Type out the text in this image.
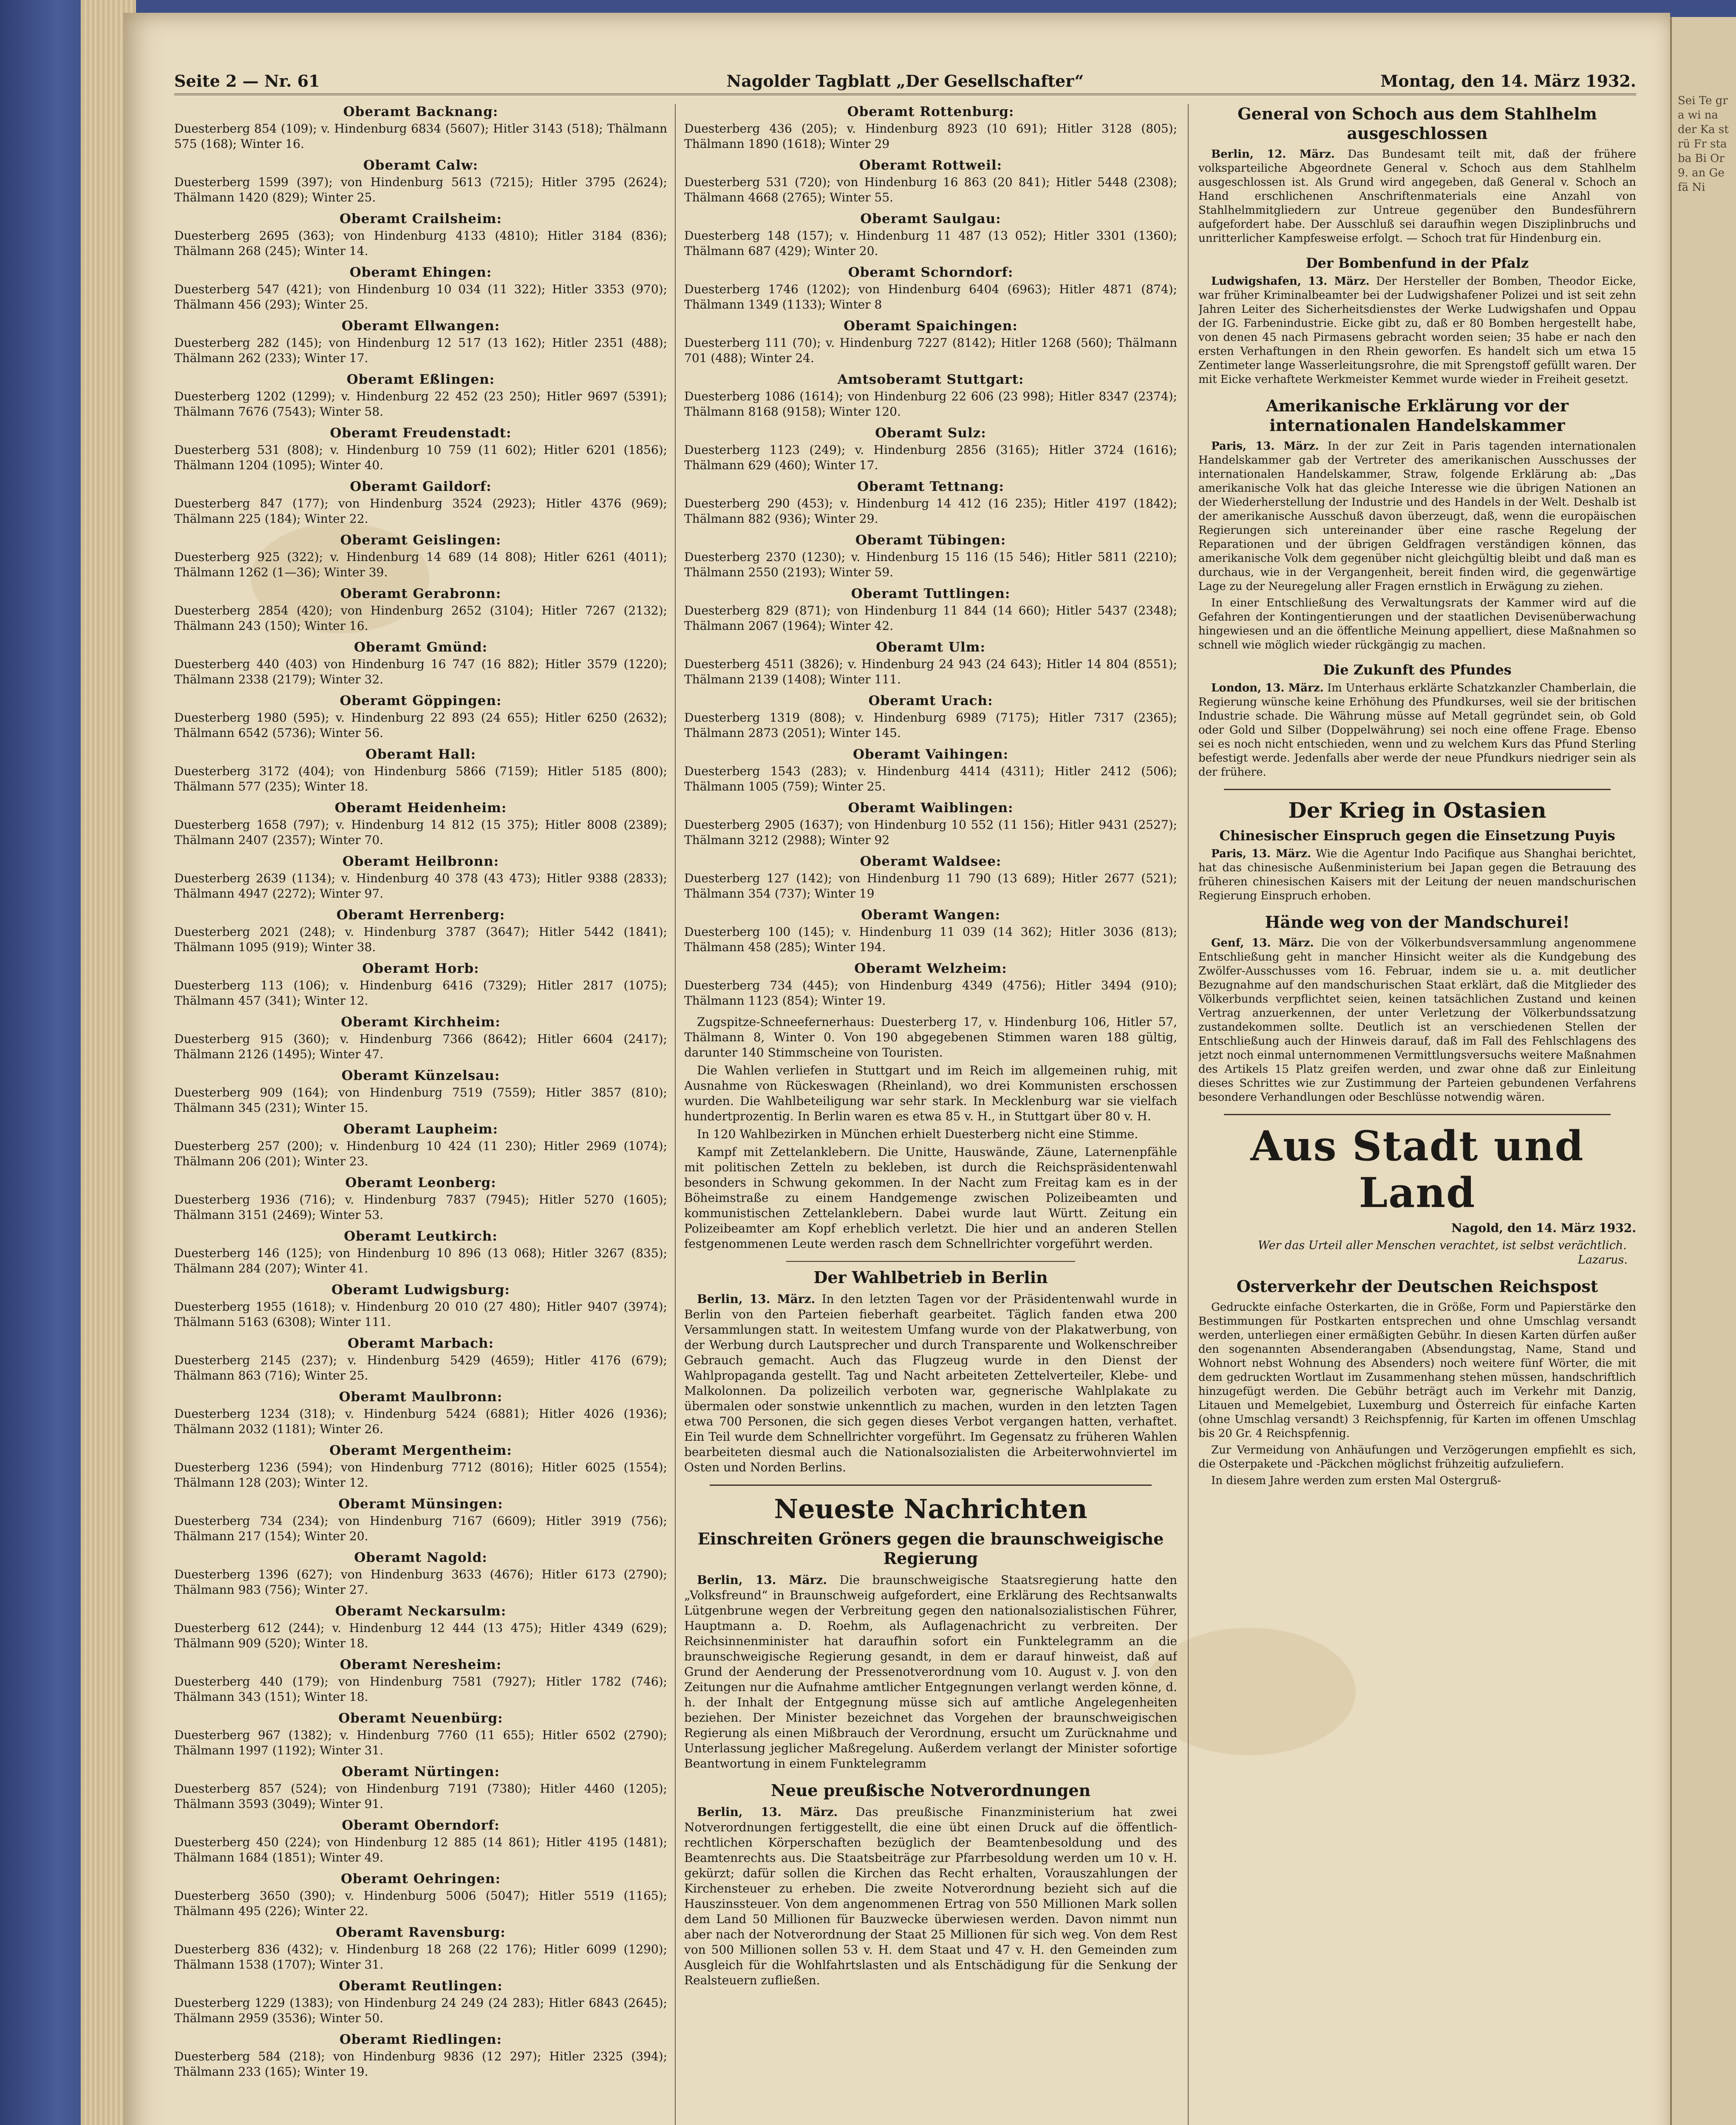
Seite 2 — Nr. 61	Nagolder Tagblatt „Der Gesellschafter“	Montag, den 14. März 1932.
Oberamt Backnang:

Duesterberg 854 (109); v. Hindenburg 6834 (5607); Hitler 3143 (518); Thälmann 575 (168); Winter 16.

Oberamt Calw:

Duesterberg 1599 (397); von Hindenburg 5613 (7215); Hitler 3795 (2624); Thälmann 1420 (829); Winter 25.

Oberamt Crailsheim:

Duesterberg 2695 (363); von Hindenburg 4133 (4810); Hitler 3184 (836); Thälmann 268 (245); Winter 14.

Oberamt Ehingen:

Duesterberg 547 (421); von Hindenburg 10 034 (11 322); Hitler 3353 (970); Thälmann 456 (293); Winter 25.

Oberamt Ellwangen:

Duesterberg 282 (145); von Hindenburg 12 517 (13 162); Hitler 2351 (488); Thälmann 262 (233); Winter 17.

Oberamt Eßlingen:

Duesterberg 1202 (1299); v. Hindenburg 22 452 (23 250); Hitler 9697 (5391); Thälmann 7676 (7543); Winter 58.

Oberamt Freudenstadt:

Duesterberg 531 (808); v. Hindenburg 10 759 (11 602); Hitler 6201 (1856); Thälmann 1204 (1095); Winter 40.

Oberamt Gaildorf:

Duesterberg 847 (177); von Hindenburg 3524 (2923); Hitler 4376 (969); Thälmann 225 (184); Winter 22.

Oberamt Geislingen:

Duesterberg 925 (322); v. Hindenburg 14 689 (14 808); Hitler 6261 (4011); Thälmann 1262 (1—36); Winter 39.

Oberamt Gerabronn:

Duesterberg 2854 (420); von Hindenburg 2652 (3104); Hitler 7267 (2132); Thälmann 243 (150); Winter 16.

Oberamt Gmünd:

Duesterberg 440 (403) von Hindenburg 16 747 (16 882); Hitler 3579 (1220); Thälmann 2338 (2179); Winter 32.

Oberamt Göppingen:

Duesterberg 1980 (595); v. Hindenburg 22 893 (24 655); Hitler 6250 (2632); Thälmann 6542 (5736); Winter 56.

Oberamt Hall:

Duesterberg 3172 (404); von Hindenburg 5866 (7159); Hitler 5185 (800); Thälmann 577 (235); Winter 18.

Oberamt Heidenheim:

Duesterberg 1658 (797); v. Hindenburg 14 812 (15 375); Hitler 8008 (2389); Thälmann 2407 (2357); Winter 70.

Oberamt Heilbronn:

Duesterberg 2639 (1134); v. Hindenburg 40 378 (43 473); Hitler 9388 (2833); Thälmann 4947 (2272); Winter 97.

Oberamt Herrenberg:

Duesterberg 2021 (248); v. Hindenburg 3787 (3647); Hitler 5442 (1841); Thälmann 1095 (919); Winter 38.

Oberamt Horb:

Duesterberg 113 (106); v. Hindenburg 6416 (7329); Hitler 2817 (1075); Thälmann 457 (341); Winter 12.

Oberamt Kirchheim:

Duesterberg 915 (360); v. Hindenburg 7366 (8642); Hitler 6604 (2417); Thälmann 2126 (1495); Winter 47.

Oberamt Künzelsau:

Duesterberg 909 (164); von Hindenburg 7519 (7559); Hitler 3857 (810); Thälmann 345 (231); Winter 15.

Oberamt Laupheim:

Duesterberg 257 (200); v. Hindenburg 10 424 (11 230); Hitler 2969 (1074); Thälmann 206 (201); Winter 23.

Oberamt Leonberg:

Duesterberg 1936 (716); v. Hindenburg 7837 (7945); Hitler 5270 (1605); Thälmann 3151 (2469); Winter 53.

Oberamt Leutkirch:

Duesterberg 146 (125); von Hindenburg 10 896 (13 068); Hitler 3267 (835); Thälmann 284 (207); Winter 41.

Oberamt Ludwigsburg:

Duesterberg 1955 (1618); v. Hindenburg 20 010 (27 480); Hitler 9407 (3974); Thälmann 5163 (6308); Winter 111.

Oberamt Marbach:

Duesterberg 2145 (237); v. Hindenburg 5429 (4659); Hitler 4176 (679); Thälmann 863 (716); Winter 25.

Oberamt Maulbronn:

Duesterberg 1234 (318); v. Hindenburg 5424 (6881); Hitler 4026 (1936); Thälmann 2032 (1181); Winter 26.

Oberamt Mergentheim:

Duesterberg 1236 (594); von Hindenburg 7712 (8016); Hitler 6025 (1554); Thälmann 128 (203); Winter 12.

Oberamt Münsingen:

Duesterberg 734 (234); von Hindenburg 7167 (6609); Hitler 3919 (756); Thälmann 217 (154); Winter 20.

Oberamt Nagold:

Duesterberg 1396 (627); von Hindenburg 3633 (4676); Hitler 6173 (2790); Thälmann 983 (756); Winter 27.

Oberamt Neckarsulm:

Duesterberg 612 (244); v. Hindenburg 12 444 (13 475); Hitler 4349 (629); Thälmann 909 (520); Winter 18.

Oberamt Neresheim:

Duesterberg 440 (179); von Hindenburg 7581 (7927); Hitler 1782 (746); Thälmann 343 (151); Winter 18.

Oberamt Neuenbürg:

Duesterberg 967 (1382); v. Hindenburg 7760 (11 655); Hitler 6502 (2790); Thälmann 1997 (1192); Winter 31.

Oberamt Nürtingen:

Duesterberg 857 (524); von Hindenburg 7191 (7380); Hitler 4460 (1205); Thälmann 3593 (3049); Winter 91.

Oberamt Oberndorf:

Duesterberg 450 (224); von Hindenburg 12 885 (14 861); Hitler 4195 (1481); Thälmann 1684 (1851); Winter 49.

Oberamt Oehringen:

Duesterberg 3650 (390); v. Hindenburg 5006 (5047); Hitler 5519 (1165); Thälmann 495 (226); Winter 22.

Oberamt Ravensburg:

Duesterberg 836 (432); v. Hindenburg 18 268 (22 176); Hitler 6099 (1290); Thälmann 1538 (1707); Winter 31.

Oberamt Reutlingen:

Duesterberg 1229 (1383); von Hindenburg 24 249 (24 283); Hitler 6843 (2645); Thälmann 2959 (3536); Winter 50.

Oberamt Riedlingen:

Duesterberg 584 (218); von Hindenburg 9836 (12 297); Hitler 2325 (394); Thälmann 233 (165); Winter 19.

Oberamt Rottenburg:

Duesterberg 436 (205); v. Hindenburg 8923 (10 691); Hitler 3128 (805); Thälmann 1890 (1618); Winter 29

Oberamt Rottweil:

Duesterberg 531 (720); von Hindenburg 16 863 (20 841); Hitler 5448 (2308); Thälmann 4668 (2765); Winter 55.

Oberamt Saulgau:

Duesterberg 148 (157); v. Hindenburg 11 487 (13 052); Hitler 3301 (1360); Thälmann 687 (429); Winter 20.

Oberamt Schorndorf:

Duesterberg 1746 (1202); von Hindenburg 6404 (6963); Hitler 4871 (874); Thälmann 1349 (1133); Winter 8

Oberamt Spaichingen:

Duesterberg 111 (70); v. Hindenburg 7227 (8142); Hitler 1268 (560); Thälmann 701 (488); Winter 24.

Amtsoberamt Stuttgart:

Duesterberg 1086 (1614); von Hindenburg 22 606 (23 998); Hitler 8347 (2374); Thälmann 8168 (9158); Winter 120.

Oberamt Sulz:

Duesterberg 1123 (249); v. Hindenburg 2856 (3165); Hitler 3724 (1616); Thälmann 629 (460); Winter 17.

Oberamt Tettnang:

Duesterberg 290 (453); v. Hindenburg 14 412 (16 235); Hitler 4197 (1842); Thälmann 882 (936); Winter 29.

Oberamt Tübingen:

Duesterberg 2370 (1230); v. Hindenburg 15 116 (15 546); Hitler 5811 (2210); Thälmann 2550 (2193); Winter 59.

Oberamt Tuttlingen:

Duesterberg 829 (871); von Hindenburg 11 844 (14 660); Hitler 5437 (2348); Thälmann 2067 (1964); Winter 42.

Oberamt Ulm:

Duesterberg 4511 (3826); v. Hindenburg 24 943 (24 643); Hitler 14 804 (8551); Thälmann 2139 (1408); Winter 111.

Oberamt Urach:

Duesterberg 1319 (808); v. Hindenburg 6989 (7175); Hitler 7317 (2365); Thälmann 2873 (2051); Winter 145.

Oberamt Vaihingen:

Duesterberg 1543 (283); v. Hindenburg 4414 (4311); Hitler 2412 (506); Thälmann 1005 (759); Winter 25.

Oberamt Waiblingen:

Duesterberg 2905 (1637); von Hindenburg 10 552 (11 156); Hitler 9431 (2527); Thälmann 3212 (2988); Winter 92

Oberamt Waldsee:

Duesterberg 127 (142); von Hindenburg 11 790 (13 689); Hitler 2677 (521); Thälmann 354 (737); Winter 19

Oberamt Wangen:

Duesterberg 100 (145); v. Hindenburg 11 039 (14 362); Hitler 3036 (813); Thälmann 458 (285); Winter 194.

Oberamt Welzheim:

Duesterberg 734 (445); von Hindenburg 4349 (4756); Hitler 3494 (910); Thälmann 1123 (854); Winter 19.

Zugspitze-Schneefernerhaus: Duesterberg 17, v. Hindenburg 106, Hitler 57, Thälmann 8, Winter 0. Von 190 abgegebenen Stimmen waren 188 gültig, darunter 140 Stimmscheine von Touristen.

Die Wahlen verliefen in Stuttgart und im Reich im allgemeinen ruhig, mit Ausnahme von Rückeswagen (Rheinland), wo drei Kommunisten erschossen wurden. Die Wahlbeteiligung war sehr stark. In Mecklenburg war sie vielfach hundertprozentig. In Berlin waren es etwa 85 v. H., in Stuttgart über 80 v. H.

In 120 Wahlbezirken in München erhielt Duesterberg nicht eine Stimme.

Kampf mit Zettelanklebern. Die Unitte, Hauswände, Zäune, Laternenpfähle mit politischen Zetteln zu bekleben, ist durch die Reichspräsidentenwahl besonders in Schwung gekommen. In der Nacht zum Freitag kam es in der Böheimstraße zu einem Handgemenge zwischen Polizeibeamten und kommunistischen Zettelanklebern. Dabei wurde laut Württ. Zeitung ein Polizeibeamter am Kopf erheblich verletzt. Die hier und an anderen Stellen festgenommenen Leute werden rasch dem Schnellrichter vorgeführt werden.

Der Wahlbetrieb in Berlin

Berlin, 13. März. In den letzten Tagen vor der Präsidentenwahl wurde in Berlin von den Parteien fieberhaft gearbeitet. Täglich fanden etwa 200 Versammlungen statt. In weitestem Umfang wurde von der Plakatwerbung, von der Werbung durch Lautsprecher und durch Transparente und Wolkenschreiber Gebrauch gemacht. Auch das Flugzeug wurde in den Dienst der Wahlpropaganda gestellt. Tag und Nacht arbeiteten Zettelverteiler, Klebe- und Malkolonnen. Da polizeilich verboten war, gegnerische Wahlplakate zu übermalen oder sonstwie unkenntlich zu machen, wurden in den letzten Tagen etwa 700 Personen, die sich gegen dieses Verbot vergangen hatten, verhaftet. Ein Teil wurde dem Schnellrichter vorgeführt. Im Gegensatz zu früheren Wahlen bearbeiteten diesmal auch die Nationalsozialisten die Arbeiterwohnviertel im Osten und Norden Berlins.

Neueste Nachrichten
Einschreiten Gröners gegen die braunschweigische Regierung

Berlin, 13. März. Die braunschweigische Staatsregierung hatte den „Volksfreund“ in Braunschweig aufgefordert, eine Erklärung des Rechtsanwalts Lütgenbrune wegen der Verbreitung gegen den nationalsozialistischen Führer, Hauptmann a. D. Roehm, als Auflagenachricht zu verbreiten. Der Reichsinnenminister hat daraufhin sofort ein Funktelegramm an die braunschweigische Regierung gesandt, in dem er darauf hinweist, daß auf Grund der Aenderung der Pressenotverordnung vom 10. August v. J. von den Zeitungen nur die Aufnahme amtlicher Entgegnungen verlangt werden könne, d. h. der Inhalt der Entgegnung müsse sich auf amtliche Angelegenheiten beziehen. Der Minister bezeichnet das Vorgehen der braunschweigischen Regierung als einen Mißbrauch der Verordnung, ersucht um Zurücknahme und Unterlassung jeglicher Maßregelung. Außerdem verlangt der Minister sofortige Beantwortung in einem Funktelegramm

Neue preußische Notverordnungen

Berlin, 13. März. Das preußische Finanzministerium hat zwei Notverordnungen fertiggestellt, die eine übt einen Druck auf die öffentlich-rechtlichen Körperschaften bezüglich der Beamtenbesoldung und des Beamtenrechts aus. Die Staatsbeiträge zur Pfarrbesoldung werden um 10 v. H. gekürzt; dafür sollen die Kirchen das Recht erhalten, Vorauszahlungen der Kirchensteuer zu erheben. Die zweite Notverordnung bezieht sich auf die Hauszinssteuer. Von dem angenommenen Ertrag von 550 Millionen Mark sollen dem Land 50 Millionen für Bauzwecke überwiesen werden. Davon nimmt nun aber nach der Notverordnung der Staat 25 Millionen für sich weg. Von dem Rest von 500 Millionen sollen 53 v. H. dem Staat und 47 v. H. den Gemeinden zum Ausgleich für die Wohlfahrtslasten und als Entschädigung für die Senkung der Realsteuern zufließen.

General von Schoch aus dem Stahlhelm ausgeschlossen

Berlin, 12. März. Das Bundesamt teilt mit, daß der frühere volksparteiliche Abgeordnete General v. Schoch aus dem Stahlhelm ausgeschlossen ist. Als Grund wird angegeben, daß General v. Schoch an Hand erschlichenen Anschriftenmaterials eine Anzahl von Stahlhelmmitgliedern zur Untreue gegenüber den Bundesführern aufgefordert habe. Der Ausschluß sei daraufhin wegen Disziplinbruchs und unritterlicher Kampfesweise erfolgt. — Schoch trat für Hindenburg ein.

Der Bombenfund in der Pfalz

Ludwigshafen, 13. März. Der Hersteller der Bomben, Theodor Eicke, war früher Kriminalbeamter bei der Ludwigshafener Polizei und ist seit zehn Jahren Leiter des Sicherheitsdienstes der Werke Ludwigshafen und Oppau der IG. Farbenindustrie. Eicke gibt zu, daß er 80 Bomben hergestellt habe, von denen 45 nach Pirmasens gebracht worden seien; 35 habe er nach den ersten Verhaftungen in den Rhein geworfen. Es handelt sich um etwa 15 Zentimeter lange Wasserleitungsrohre, die mit Sprengstoff gefüllt waren. Der mit Eicke verhaftete Werkmeister Kemmet wurde wieder in Freiheit gesetzt.

Amerikanische Erklärung vor der internationalen Handelskammer

Paris, 13. März. In der zur Zeit in Paris tagenden internationalen Handelskammer gab der Vertreter des amerikanischen Ausschusses der internationalen Handelskammer, Straw, folgende Erklärung ab: „Das amerikanische Volk hat das gleiche Interesse wie die übrigen Nationen an der Wiederherstellung der Industrie und des Handels in der Welt. Deshalb ist der amerikanische Ausschuß davon überzeugt, daß, wenn die europäischen Regierungen sich untereinander über eine rasche Regelung der Reparationen und der übrigen Geldfragen verständigen können, das amerikanische Volk dem gegenüber nicht gleichgültig bleibt und daß man es durchaus, wie in der Vergangenheit, bereit finden wird, die gegenwärtige Lage zu der Neuregelung aller Fragen ernstlich in Erwägung zu ziehen.

In einer Entschließung des Verwaltungsrats der Kammer wird auf die Gefahren der Kontingentierungen und der staatlichen Devisenüberwachung hingewiesen und an die öffentliche Meinung appelliert, diese Maßnahmen so schnell wie möglich wieder rückgängig zu machen.

Die Zukunft des Pfundes

London, 13. März. Im Unterhaus erklärte Schatzkanzler Chamberlain, die Regierung wünsche keine Erhöhung des Pfundkurses, weil sie der britischen Industrie schade. Die Währung müsse auf Metall gegründet sein, ob Gold oder Gold und Silber (Doppelwährung) sei noch eine offene Frage. Ebenso sei es noch nicht entschieden, wenn und zu welchem Kurs das Pfund Sterling befestigt werde. Jedenfalls aber werde der neue Pfundkurs niedriger sein als der frühere.

Der Krieg in Ostasien
Chinesischer Einspruch gegen die Einsetzung Puyis

Paris, 13. März. Wie die Agentur Indo Pacifique aus Shanghai berichtet, hat das chinesische Außenministerium bei Japan gegen die Betrauung des früheren chinesischen Kaisers mit der Leitung der neuen mandschurischen Regierung Einspruch erhoben.

Hände weg von der Mandschurei!

Genf, 13. März. Die von der Völkerbundsversammlung angenommene Entschließung geht in mancher Hinsicht weiter als die Kundgebung des Zwölfer-Ausschusses vom 16. Februar, indem sie u. a. mit deutlicher Bezugnahme auf den mandschurischen Staat erklärt, daß die Mitglieder des Völkerbunds verpflichtet seien, keinen tatsächlichen Zustand und keinen Vertrag anzuerkennen, der unter Verletzung der Völkerbundssatzung zustandekommen sollte. Deutlich ist an verschiedenen Stellen der Entschließung auch der Hinweis darauf, daß im Fall des Fehlschlagens des jetzt noch einmal unternommenen Vermittlungsversuchs weitere Maßnahmen des Artikels 15 Platz greifen werden, und zwar ohne daß zur Einleitung dieses Schrittes wie zur Zustimmung der Parteien gebundenen Verfahrens besondere Verhandlungen oder Beschlüsse notwendig wären.

Aus Stadt und Land

Nagold, den 14. März 1932.

Wer das Urteil aller Menschen verachtet, ist selbst verächtlich.
Lazarus.
Osterverkehr der Deutschen Reichspost

Gedruckte einfache Osterkarten, die in Größe, Form und Papierstärke den Bestimmungen für Postkarten entsprechen und ohne Umschlag versandt werden, unterliegen einer ermäßigten Gebühr. In diesen Karten dürfen außer den sogenannten Absenderangaben (Absendungstag, Name, Stand und Wohnort nebst Wohnung des Absenders) noch weitere fünf Wörter, die mit dem gedruckten Wortlaut im Zusammenhang stehen müssen, handschriftlich hinzugefügt werden. Die Gebühr beträgt auch im Verkehr mit Danzig, Litauen und Memelgebiet, Luxemburg und Österreich für einfache Karten (ohne Umschlag versandt) 3 Reichspfennig, für Karten im offenen Umschlag bis 20 Gr. 4 Reichspfennig.

Zur Vermeidung von Anhäufungen und Verzögerungen empfiehlt es sich, die Osterpakete und -Päckchen möglichst frühzeitig aufzuliefern.

In diesem Jahre werden zum ersten Mal Ostergruß-

Sei Te gr a wi na der Ka st rü Fr sta ba Bi Or 9. an Ge fä Ni
